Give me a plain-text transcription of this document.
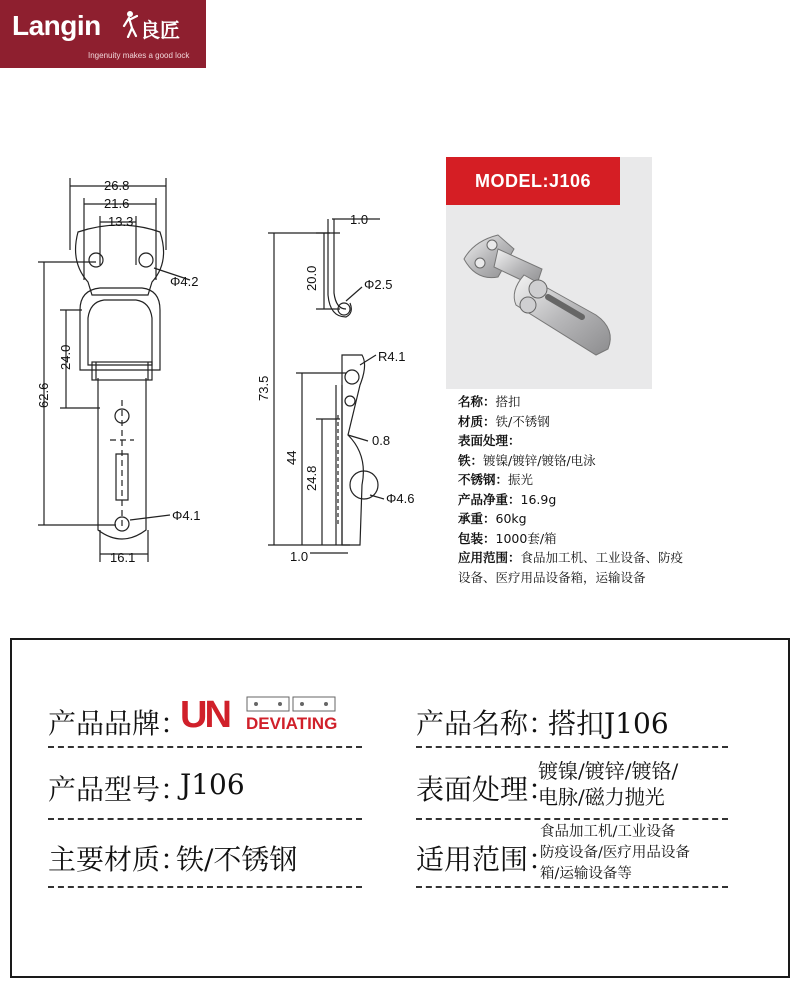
Langin 良匠
Ingenuity makes a good lock
26.8
21.6
13.3
Φ4.2
24.0
62.6
Φ4.1
16.1
1.0
20.0	Φ2.5
R4.1
73.5
0.8
44
24.8
Φ4.6
1.0
MODEL:J106
名称：搭扣
材质：铁/不锈钢
表面处理：
铁：镀镍/镀锌/镀铬/电泳
不锈钢：振光
产品净重：16.9g
承重：60kg
包装：1000套/箱
应用范围：食品加工机、工业设备、防疫
设备、医疗用品设备箱，运输设备
产品品牌：
UN DEVIATING	产品名称：
搭扣J106
产品型号：
J106	表面处理：
镀镍/镀锌/镀铬/
电脉/磁力抛光
主要材质：
铁/不锈钢	适用范围：
食品加工机/工业设备
防疫设备/医疗用品设备
箱/运输设备等
